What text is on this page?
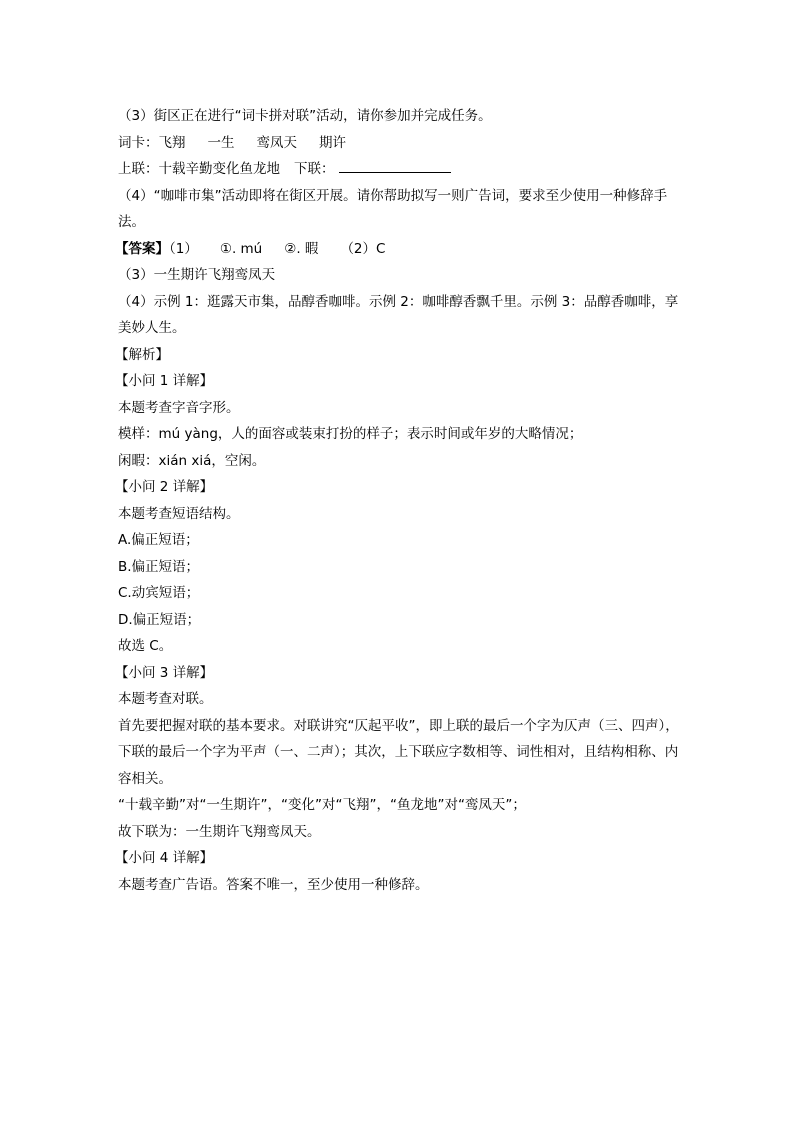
（3）街区正在进行“词卡拼对联”活动，请你参加并完成任务。
词卡：飞翔 一生 鸾凤天 期许
上联：十载辛勤变化鱼龙地 下联：
（4）“咖啡市集”活动即将在街区开展。请你帮助拟写一则广告词，要求至少使用一种修辞手法。
【答案】（1） ①. mú ②. 暇 （2）C
（3）一生期许飞翔鸾凤天
（4）示例 1：逛露天市集，品醇香咖啡。示例 2：咖啡醇香飘千里。示例 3：品醇香咖啡，享美妙人生。
【解析】
【小问 1 详解】
本题考查字音字形。
模样：mú yàng，人的面容或装束打扮的样子；表示时间或年岁的大略情况；
闲暇：xián xiá，空闲。
【小问 2 详解】
本题考查短语结构。
A.偏正短语；
B.偏正短语；
C.动宾短语；
D.偏正短语；
故选 C。
【小问 3 详解】
本题考查对联。
首先要把握对联的基本要求。对联讲究“仄起平收”，即上联的最后一个字为仄声（三、四声），下联的最后一个字为平声（一、二声）；其次，上下联应字数相等、词性相对，且结构相称、内容相关。
“十载辛勤”对“一生期许”，“变化”对“飞翔”，“鱼龙地”对“鸾凤天”；
故下联为：一生期许飞翔鸾凤天。
【小问 4 详解】
本题考查广告语。答案不唯一，至少使用一种修辞。
